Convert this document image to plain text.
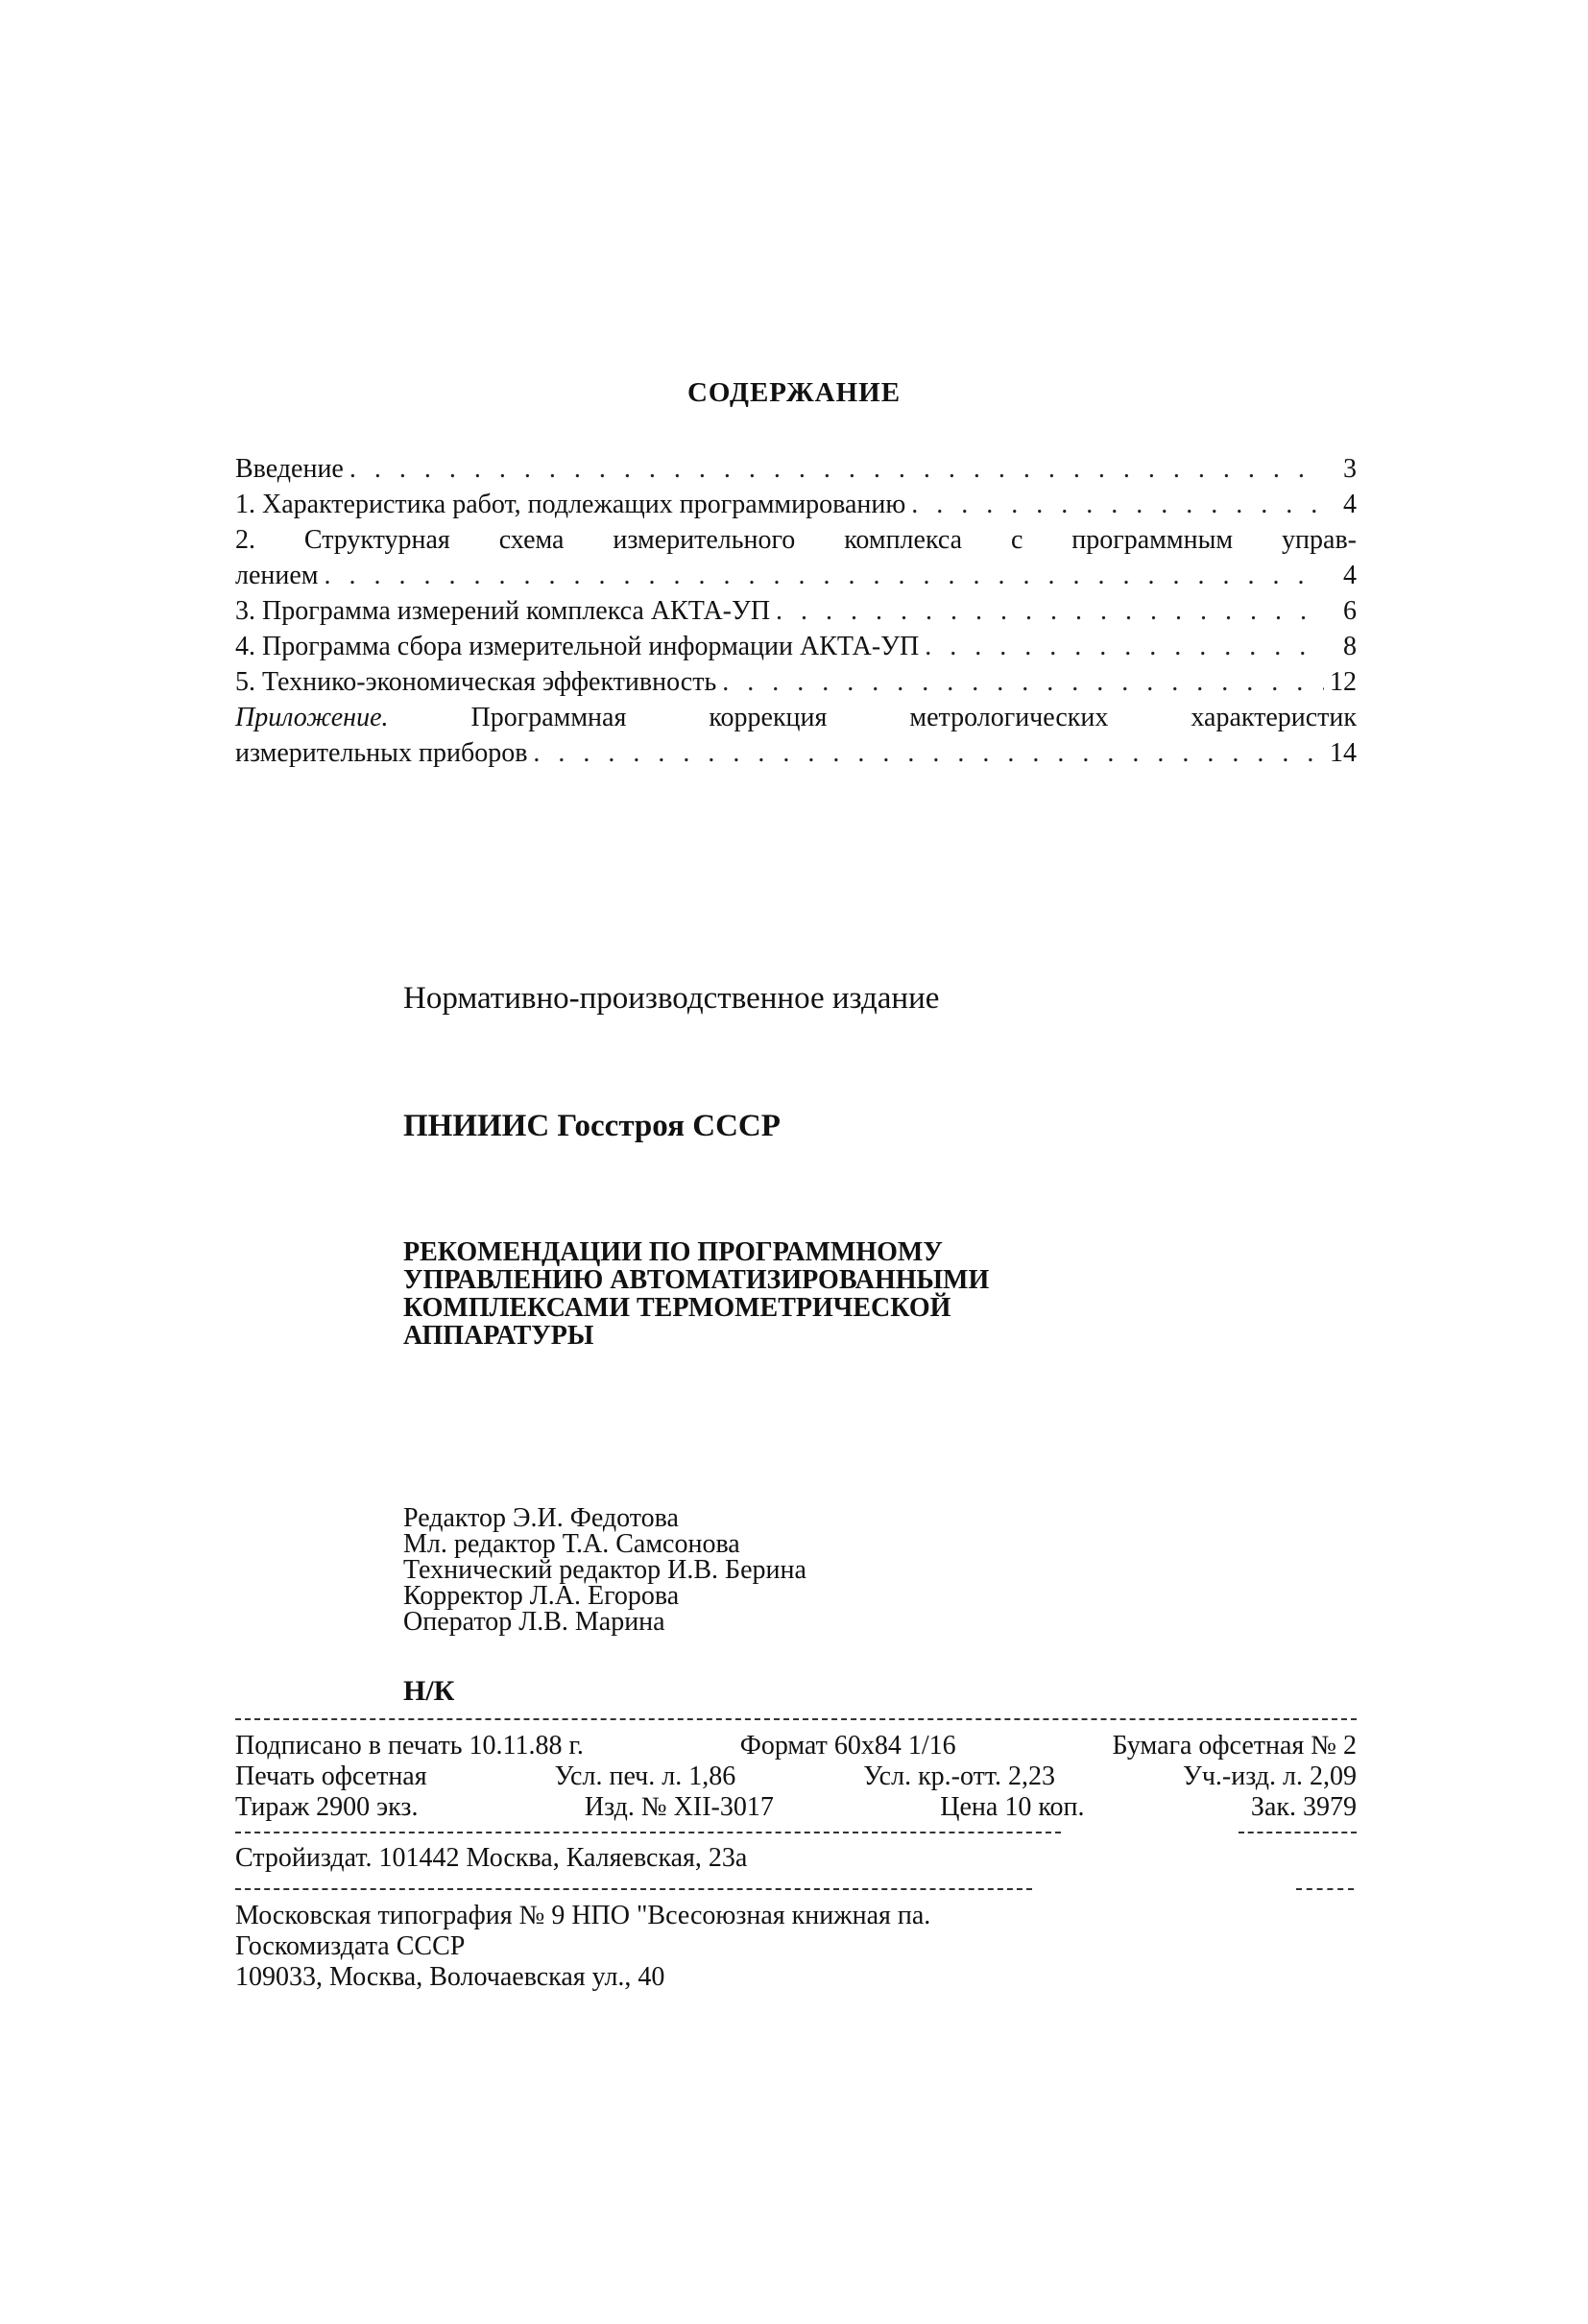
СОДЕРЖАНИЕ
Введение . . .	3
1. Характеристика работ, подлежащих программированию . . .	4
2. Структурная схема измерительного комплекса с программным управ-
лением . . .	4
3. Программа измерений комплекса АКТА-УП . . .	6
4. Программа сбора измерительной информации АКТА-УП . . .	8
5. Технико-экономическая эффективность . . .	12
Приложение.	Программная коррекция метрологических характеристик
измерительных приборов . . .	14
Нормативно-производственное издание
ПНИИИС Госстроя СССР
РЕКОМЕНДАЦИИ ПО ПРОГРАММНОМУ
УПРАВЛЕНИЮ АВТОМАТИЗИРОВАННЫМИ
КОМПЛЕКСАМИ ТЕРМОМЕТРИЧЕСКОЙ
АППАРАТУРЫ
Редактор Э.И. Федотова
Мл. редактор Т.А. Самсонова
Технический редактор И.В. Берина
Корректор Л.А. Егорова
Оператор Л.В. Марина
Н/К
Подписано в печать 10.11.88 г.	Формат 60х84 1/16	Бумага офсетная № 2
Печать офсетная	Усл. печ. л. 1,86	Усл. кр.-отт. 2,23	Уч.-изд. л. 2,09
Тираж 2900 экз.	Изд. № XII-3017	Цена 10 коп.	Зак. 3979
Стройиздат. 101442 Москва, Каляевская, 23а
Московская типография № 9 НПО "Всесоюзная книжная па.
Госкомиздата СССР
109033, Москва, Волочаевская ул., 40
